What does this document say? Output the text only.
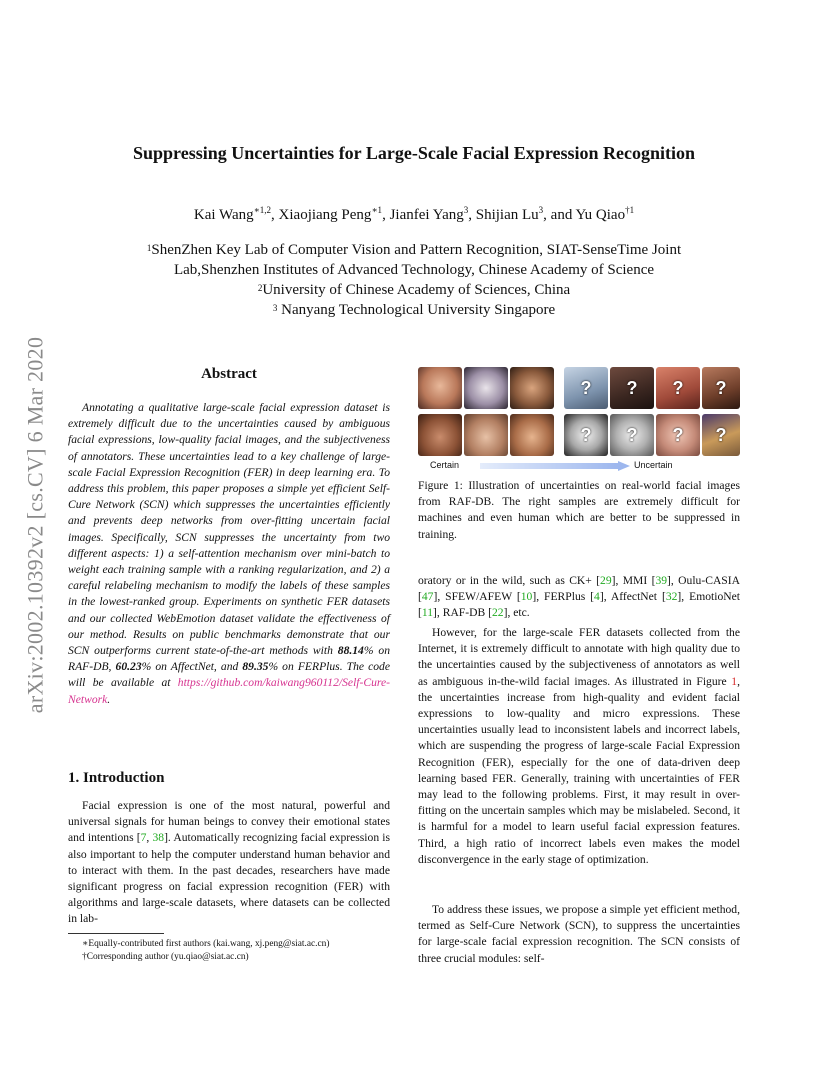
arXiv:2002.10392v2 [cs.CV] 6 Mar 2020
Suppressing Uncertainties for Large-Scale Facial Expression Recognition
Kai Wang$^{∗1,2}$, Xiaojiang Peng$^{∗1}$, Jianfei Yang$^3$, Shijian Lu$^3$, and Yu Qiao$^{\dagger 1}$
$^1$ShenZhen Key Lab of Computer Vision and Pattern Recognition, SIAT-SenseTime Joint
Lab,Shenzhen Institutes of Advanced Technology, Chinese Academy of Science
$^2$University of Chinese Academy of Sciences, China
$^3$ Nanyang Technological University Singapore
Abstract
Annotating a qualitative large-scale facial expression dataset is extremely difficult due to the uncertainties caused by ambiguous facial expressions, low-quality facial images, and the subjectiveness of annotators. These uncertainties lead to a key challenge of large-scale Facial Expression Recognition (FER) in deep learning era. To address this problem, this paper proposes a simple yet efficient Self-Cure Network (SCN) which suppresses the uncertainties efficiently and prevents deep networks from over-fitting uncertain facial images. Specifically, SCN suppresses the uncertainty from two different aspects: 1) a self-attention mechanism over mini-batch to weight each training sample with a ranking regularization, and 2) a careful relabeling mechanism to modify the labels of these samples in the lowest-ranked group. Experiments on synthetic FER datasets and our collected WebEmotion dataset validate the effectiveness of our method. Results on public benchmarks demonstrate that our SCN outperforms current state-of-the-art methods with 88.14% on RAF-DB, 60.23% on AffectNet, and 89.35% on FERPlus. The code will be available at https://github.com/kaiwang960112/Self-Cure-Network.
1. Introduction
Facial expression is one of the most natural, powerful and universal signals for human beings to convey their emotional states and intentions [7, 38]. Automatically recognizing facial expression is also important to help the computer understand human behavior and to interact with them. In the past decades, researchers have made significant progress on facial expression recognition (FER) with algorithms and large-scale datasets, where datasets can be collected in lab-
∗Equally-contributed first authors (kai.wang, xj.peng@siat.ac.cn)
†Corresponding author (yu.qiao@siat.ac.cn)
?	?	?	?
?	?	?	?
Certain	Uncertain
Figure 1: Illustration of uncertainties on real-world facial images from RAF-DB. The right samples are extremely difficult for machines and even human which are better to be suppressed in training.
oratory or in the wild, such as CK+ [29], MMI [39], Oulu-CASIA [47], SFEW/AFEW [10], FERPlus [4], AffectNet [32], EmotioNet [11], RAF-DB [22], etc.
However, for the large-scale FER datasets collected from the Internet, it is extremely difficult to annotate with high quality due to the uncertainties caused by the subjectiveness of annotators as well as ambiguous in-the-wild facial images. As illustrated in Figure 1, the uncertainties increase from high-quality and evident facial expressions to low-quality and micro expressions. These uncertainties usually lead to inconsistent labels and incorrect labels, which are suspending the progress of large-scale Facial Expression Recognition (FER), especially for the one of data-driven deep learning based FER. Generally, training with uncertainties of FER may lead to the following problems. First, it may result in over-fitting on the uncertain samples which may be mislabeled. Second, it is harmful for a model to learn useful facial expression features. Third, a high ratio of incorrect labels even makes the model disconvergence in the early stage of optimization.
To address these issues, we propose a simple yet efficient method, termed as Self-Cure Network (SCN), to suppress the uncertainties for large-scale facial expression recognition. The SCN consists of three crucial modules: self-
